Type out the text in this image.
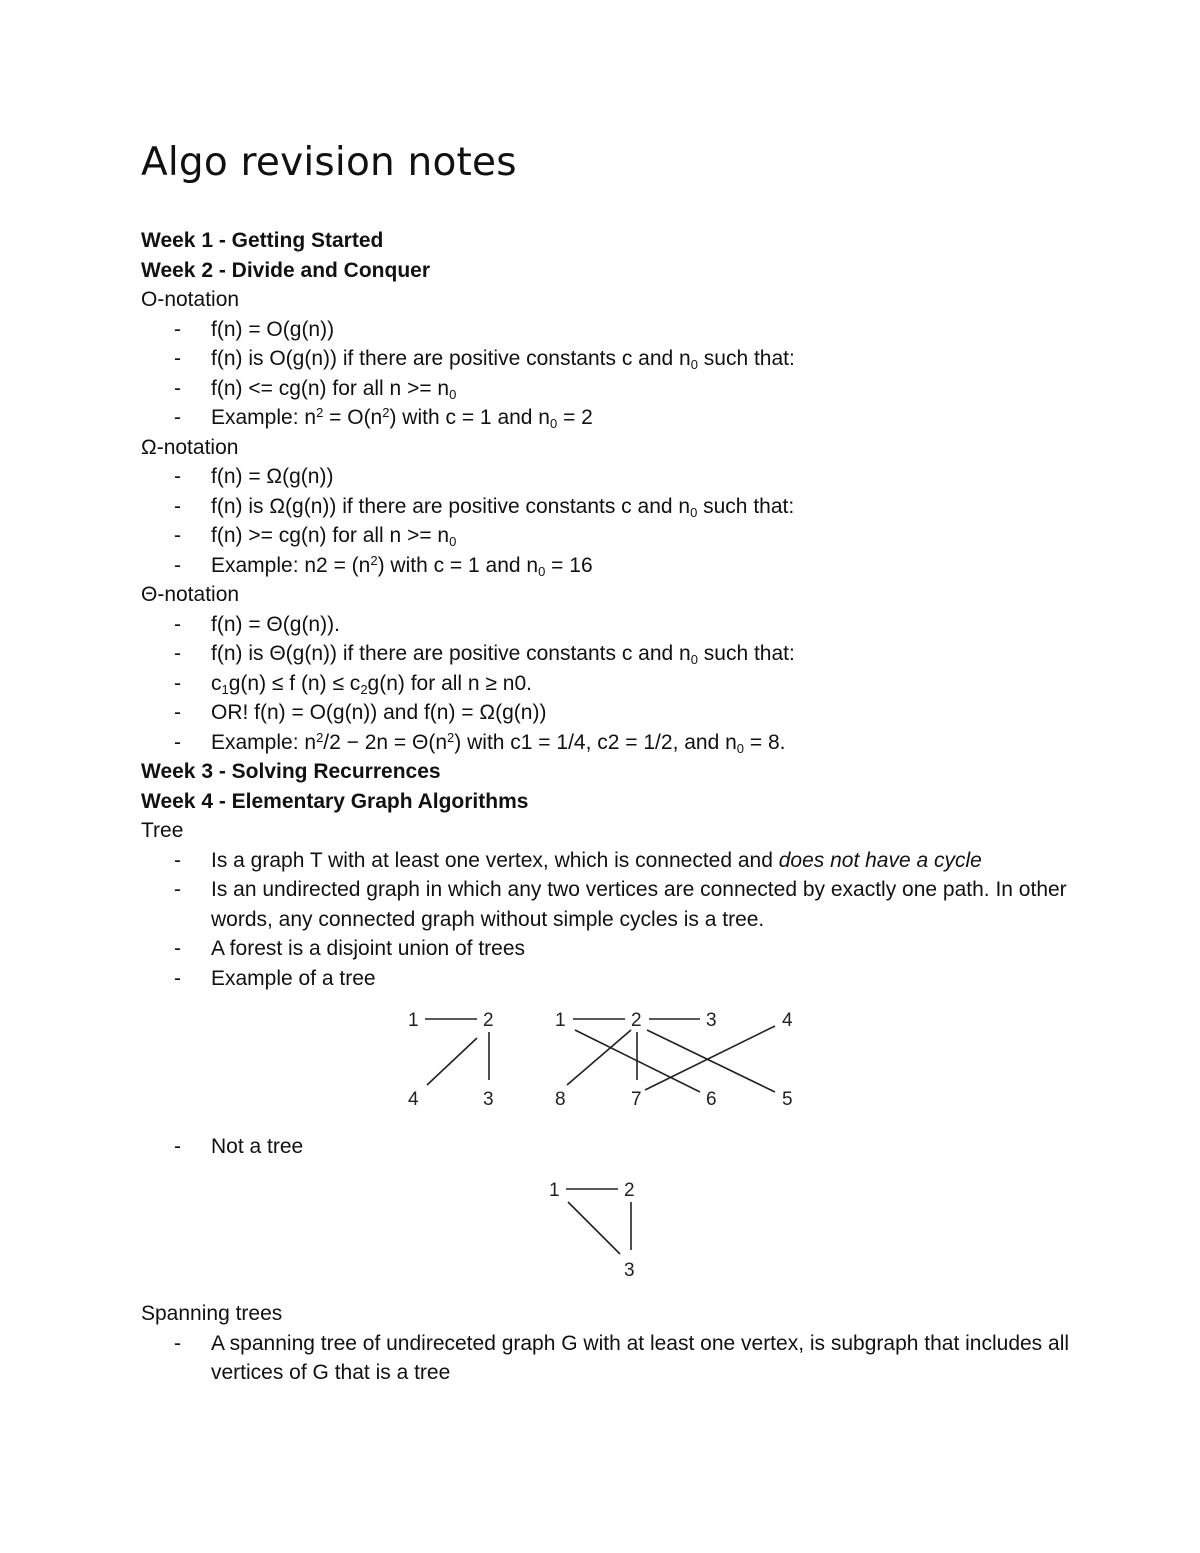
Algo revision notes
Week 1 - Getting Started
Week 2 - Divide and Conquer
O-notation
- f(n) = O(g(n))
- f(n) is O(g(n)) if there are positive constants c and $n_0$ such that:
- f(n) <= cg(n) for all $n >= n_0$
- Example: $n^2 = O(n^2)$ with c = 1 and $n_0 = 2$
Ω-notation
- f(n) = Ω(g(n))
- f(n) is Ω(g(n)) if there are positive constants c and $n_0$ such that:
- f(n) >= cg(n) for all $n >= n_0$
- Example: $n2 = (n^2)$ with c = 1 and $n_0 = 16$
Θ-notation
- f(n) = Θ(g(n)).
- f(n) is Θ(g(n)) if there are positive constants c and $n_0$ such that:
- $c_1g(n) \le f$ $(n) \le c_2g(n)$ for all n ≥ n0.
- OR! f(n) = O(g(n)) and f(n) = Ω(g(n))
- Example: $n^2/2 - 2n = \Theta(n^2)$ with c1 = 1/4, c2 = 1/2, and $n_0 = 8$.
Week 3 - Solving Recurrences
Week 4 - Elementary Graph Algorithms
Tree
- Is a graph T with at least one vertex, which is connected and does not have a cycle
- Is an undirected graph in which any two vertices are connected by exactly one path. In other words, any connected graph without simple cycles is a tree.
- A forest is a disjoint union of trees
- Example of a tree
1	2
4	3
1	2	3	4
8	7	6	5
- Not a tree
1	2
3
Spanning trees
- A spanning tree of undireceted graph G with at least one vertex, is subgraph that includes all vertices of G that is a tree
